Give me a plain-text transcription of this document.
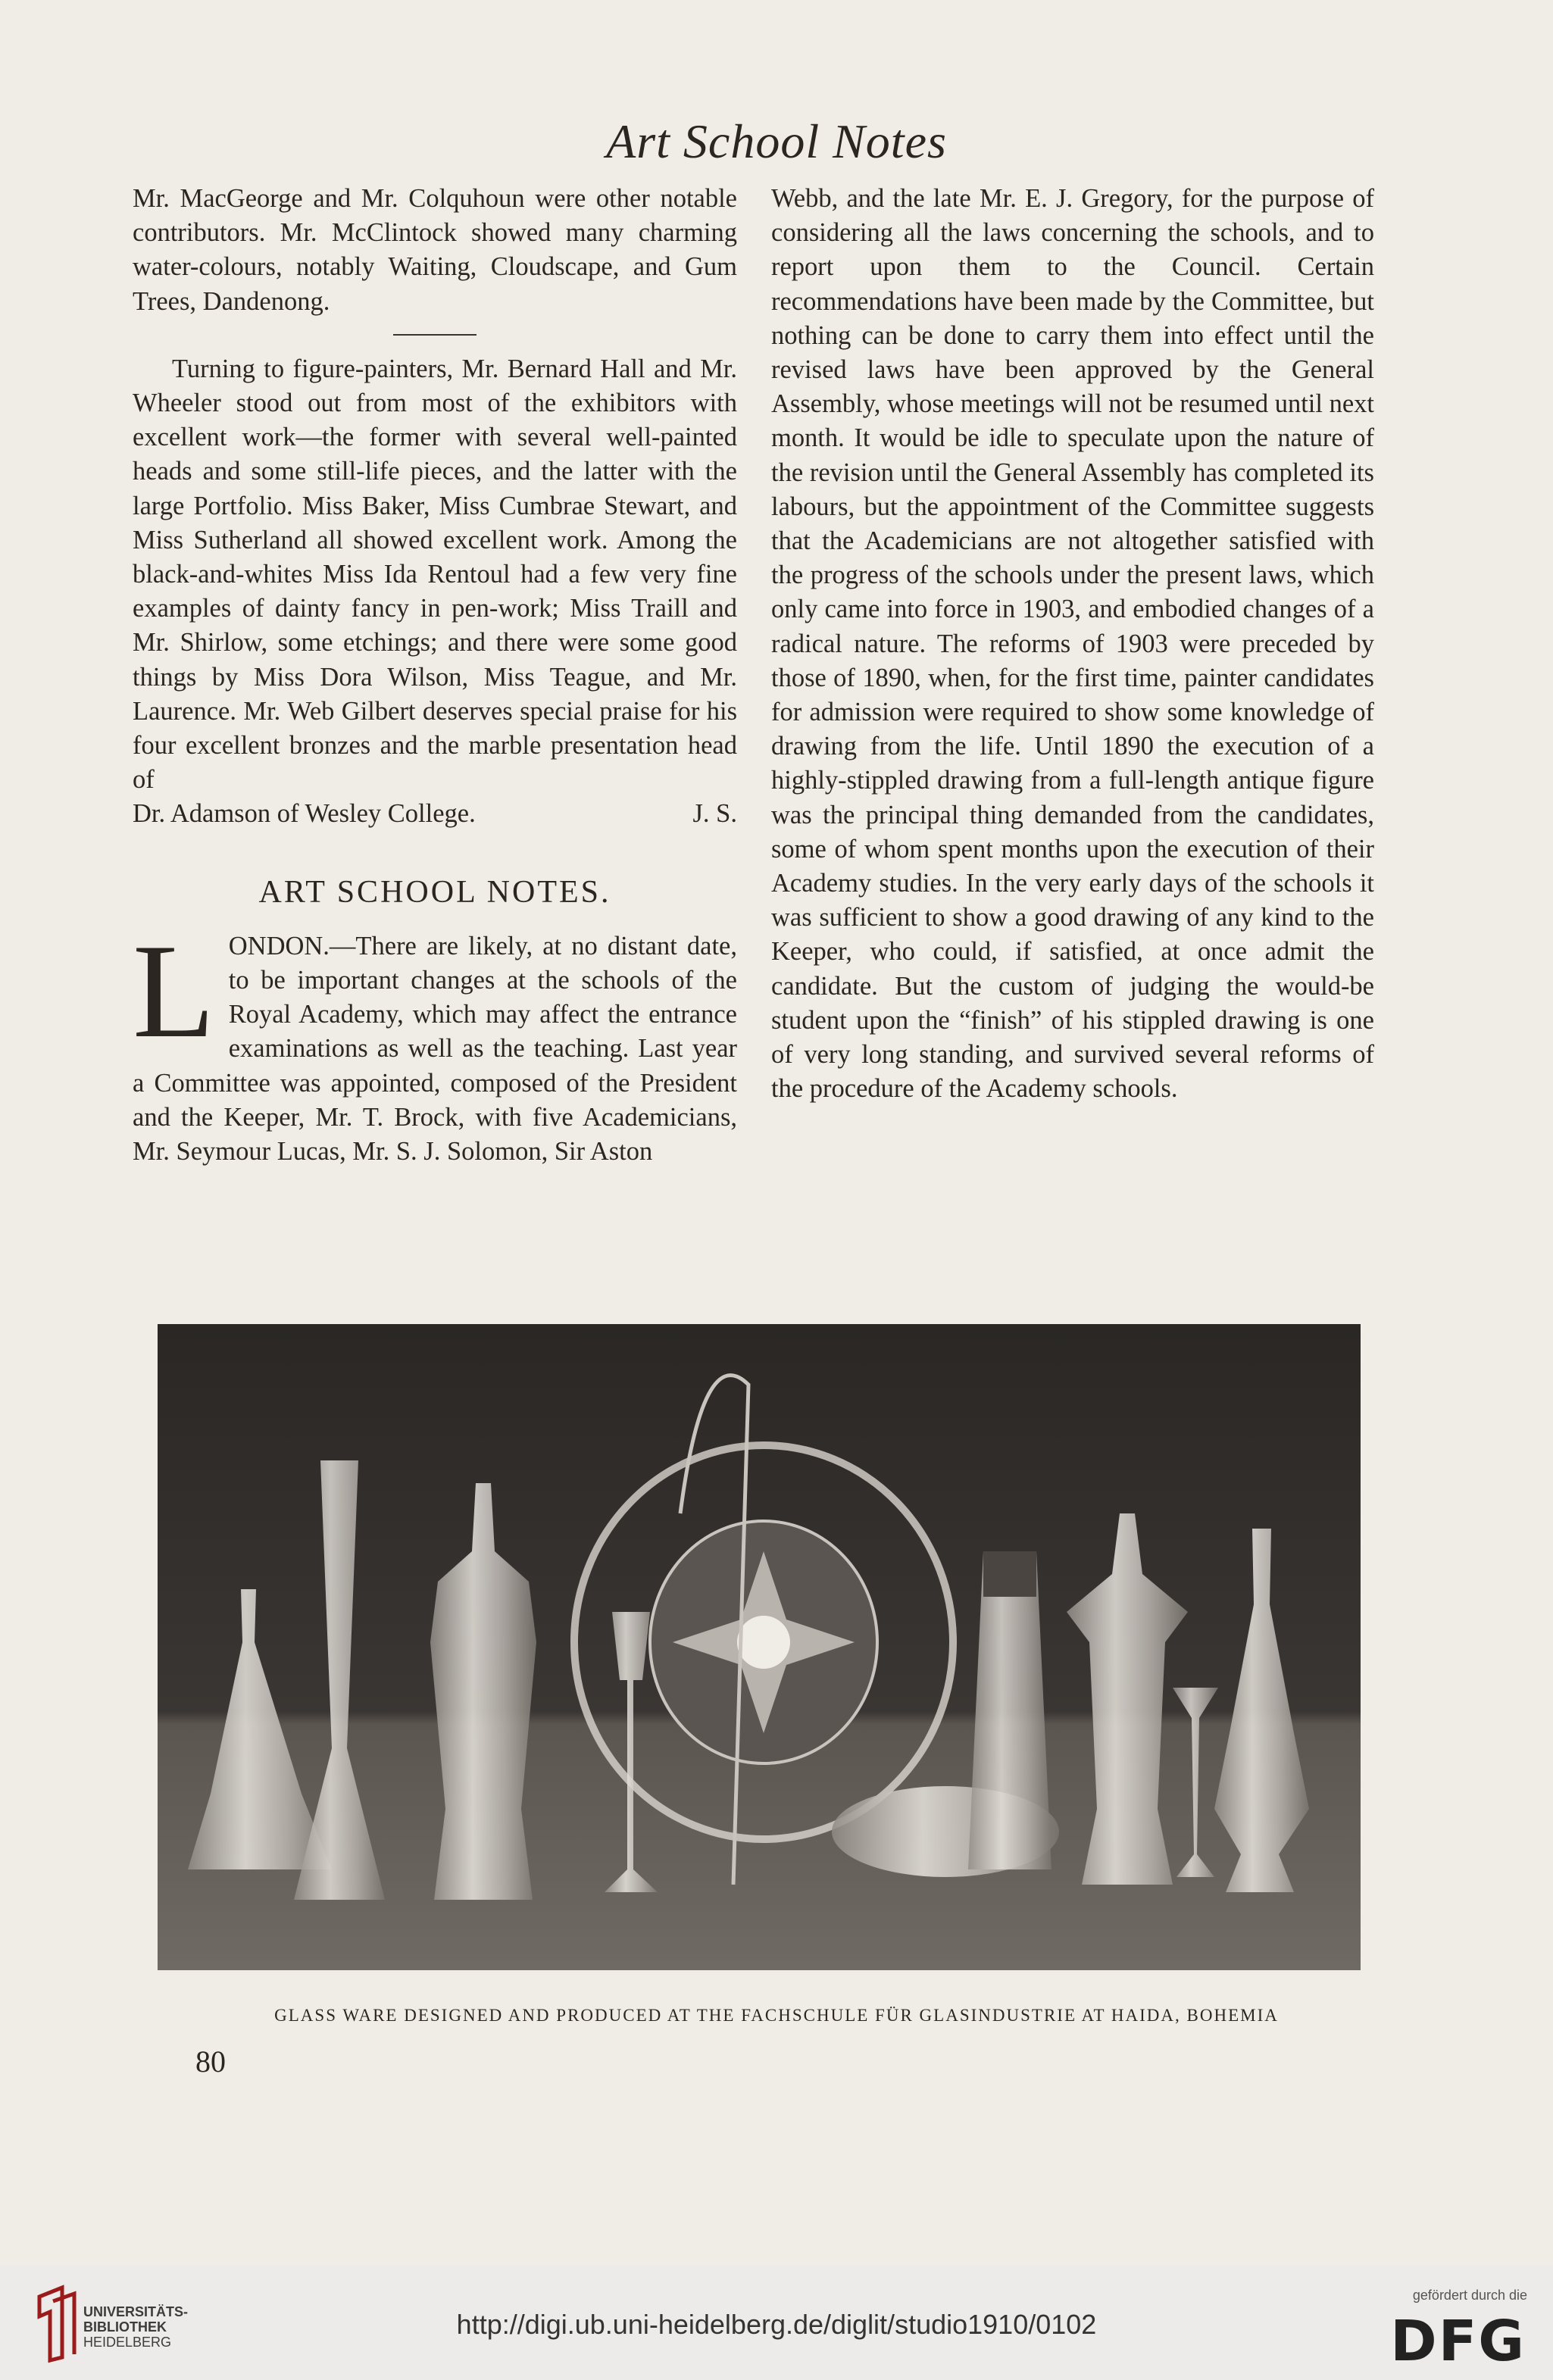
Art School Notes

Mr. MacGeorge and Mr. Colquhoun were other notable contributors. Mr. McClintock showed many charming water-colours, notably Waiting, Cloudscape, and Gum Trees, Dandenong.

Turning to figure-painters, Mr. Bernard Hall and Mr. Wheeler stood out from most of the exhibitors with excellent work—the former with several well-painted heads and some still-life pieces, and the latter with the large Portfolio. Miss Baker, Miss Cumbrae Stewart, and Miss Sutherland all showed excellent work. Among the black-and-whites Miss Ida Rentoul had a few very fine examples of dainty fancy in pen-work; Miss Traill and Mr. Shirlow, some etchings; and there were some good things by Miss Dora Wilson, Miss Teague, and Mr. Laurence. Mr. Web Gilbert deserves special praise for his four excellent bronzes and the marble presentation head of

Dr. Adamson of Wesley College.	J. S.
ART SCHOOL NOTES.

L ONDON.—There are likely, at no distant date, to be important changes at the schools of the Royal Academy, which may affect the entrance examinations as well as the teaching. Last year a Committee was appointed, composed of the President and the Keeper, Mr. T. Brock, with five Academicians, Mr. Seymour Lucas, Mr. S. J. Solomon, Sir Aston

Webb, and the late Mr. E. J. Gregory, for the purpose of considering all the laws concerning the schools, and to report upon them to the Council. Certain recommendations have been made by the Committee, but nothing can be done to carry them into effect until the revised laws have been approved by the General Assembly, whose meetings will not be resumed until next month. It would be idle to speculate upon the nature of the revision until the General Assembly has completed its labours, but the appointment of the Committee suggests that the Academicians are not altogether satisfied with the progress of the schools under the present laws, which only came into force in 1903, and embodied changes of a radical nature. The reforms of 1903 were preceded by those of 1890, when, for the first time, painter candidates for admission were required to show some knowledge of drawing from the life. Until 1890 the execution of a highly-stippled drawing from a full-length antique figure was the principal thing demanded from the candidates, some of whom spent months upon the execution of their Academy studies. In the very early days of the schools it was sufficient to show a good drawing of any kind to the Keeper, who could, if satisfied, at once admit the candidate. But the custom of judging the would-be student upon the “finish” of his stippled drawing is one of very long standing, and survived several reforms of the procedure of the Academy schools.

GLASS WARE DESIGNED AND PRODUCED AT THE FACHSCHULE FÜR GLASINDUSTRIE AT HAIDA, BOHEMIA
80
UNIVERSITÄTS-
BIBLIOTHEK
HEIDELBERG
http://digi.ub.uni-heidelberg.de/diglit/studio1910/0102
gefördert durch die
DFG
